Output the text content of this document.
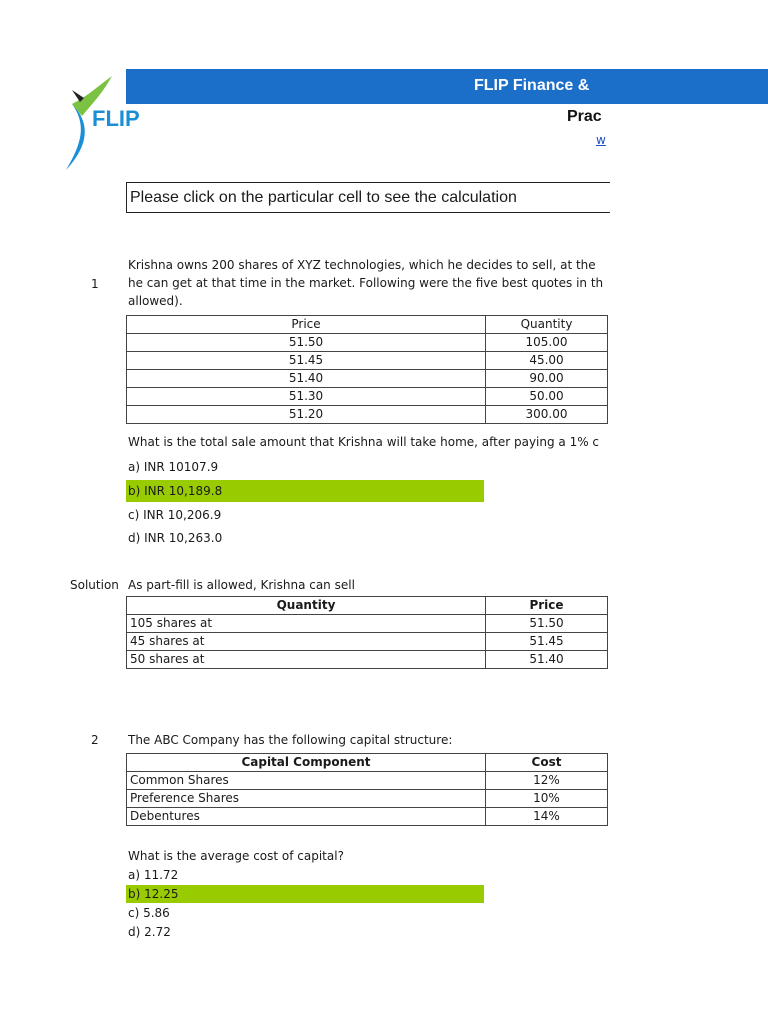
FLIP
FLIP Finance &
Prac
w
Please click on the particular cell to see the calculation
1
Krishna owns 200 shares of XYZ technologies, which he decides to sell, at the
he can get at that time in the market. Following were the five best quotes in th
allowed).
Price	Quantity
51.50	105.00
51.45	45.00
51.40	90.00
51.30	50.00
51.20	300.00
What is the total sale amount that Krishna will take home, after paying a 1% c
a) INR 10107.9
b) INR 10,189.8
c) INR 10,206.9
d) INR 10,263.0
Solution As part-fill is allowed, Krishna can sell
Quantity	Price
105 shares at	51.50
45 shares at	51.45
50 shares at	51.40
2 The ABC Company has the following capital structure:
Capital Component	Cost
Common Shares	12%
Preference Shares	10%
Debentures	14%
What is the average cost of capital?
a) 11.72
b) 12.25
c) 5.86
d) 2.72
